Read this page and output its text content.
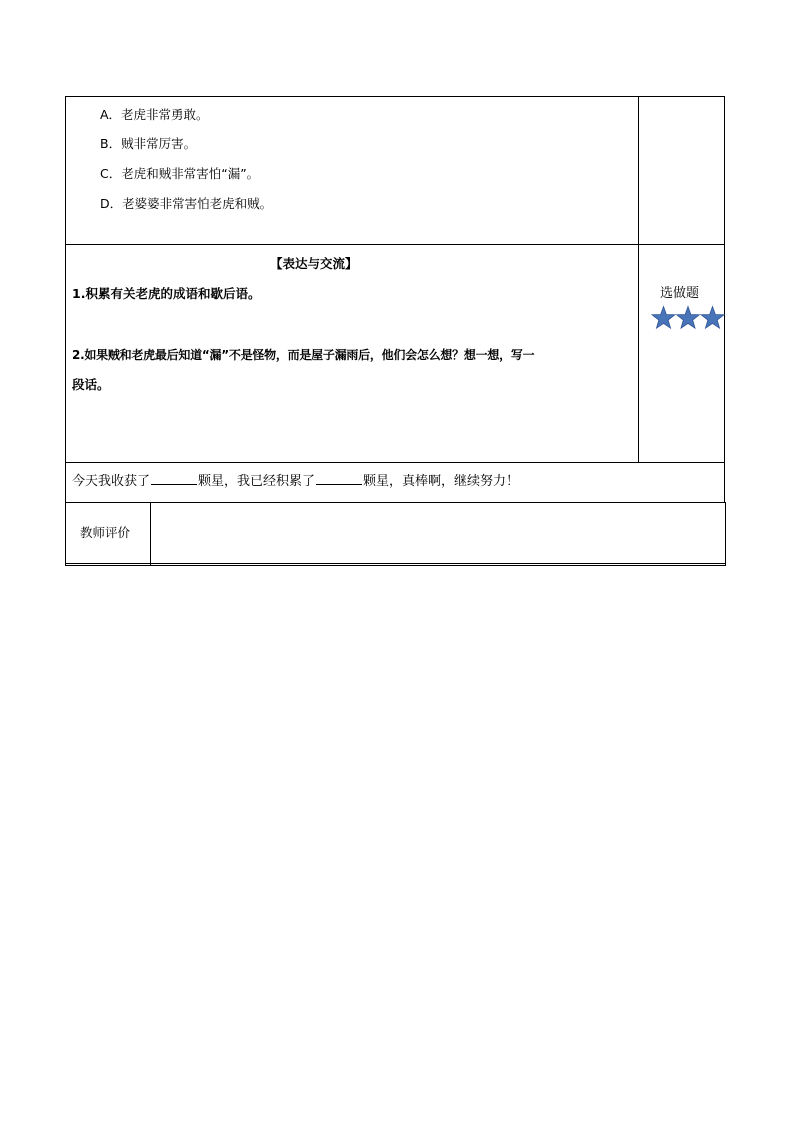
A．老虎非常勇敢。
B．贼非常厉害。
C．老虎和贼非常害怕“漏”。
D．老婆婆非常害怕老虎和贼。
【表达与交流】
1.积累有关老虎的成语和歇后语。
2.如果贼和老虎最后知道“漏”不是怪物，而是屋子漏雨后，他们会怎么想？想一想，写一
段话。
选做题
今天我收获了	颗星，我已经积累了	颗星，真棒啊，继续努力！
教师评价
